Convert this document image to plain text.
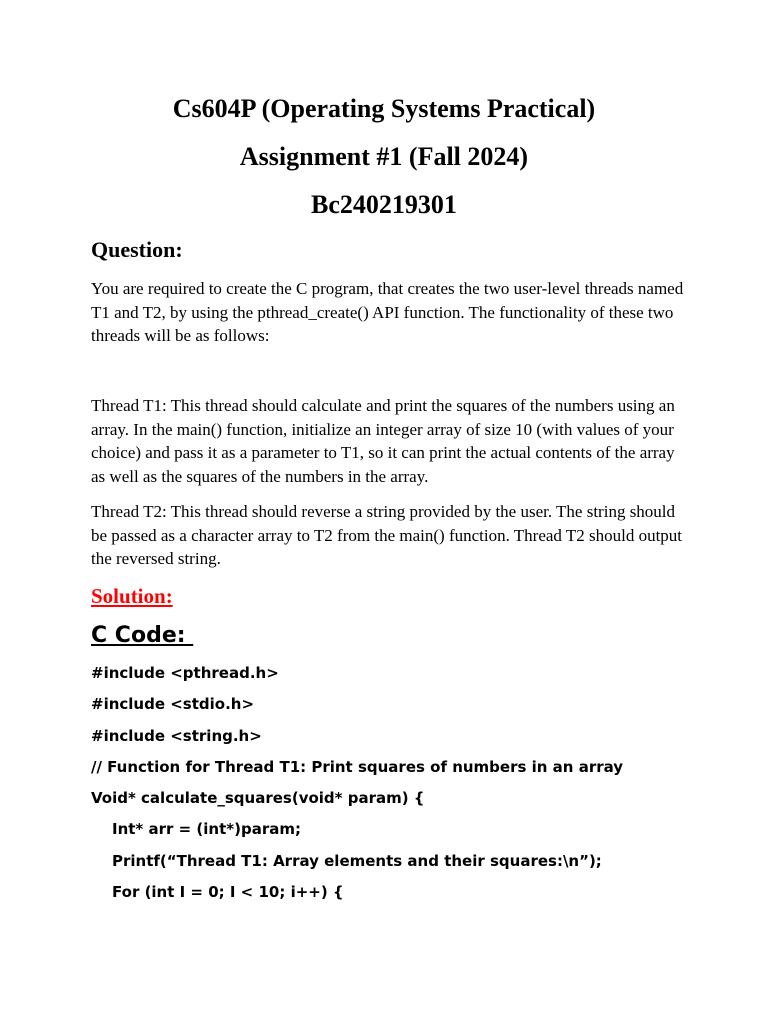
Cs604P (Operating Systems Practical)
Assignment #1 (Fall 2024)
Bc240219301
Question:

You are required to create the C program, that creates the two user-level threads named T1 and T2, by using the pthread_create() API function. The functionality of these two threads will be as follows:

Thread T1: This thread should calculate and print the squares of the numbers using an array. In the main() function, initialize an integer array of size 10 (with values of your choice) and pass it as a parameter to T1, so it can print the actual contents of the array as well as the squares of the numbers in the array.

Thread T2: This thread should reverse a string provided by the user. The string should be passed as a character array to T2 from the main() function. Thread T2 should output the reversed string.

Solution:
C Code:
#include <pthread.h>
#include <stdio.h>
#include <string.h>
// Function for Thread T1: Print squares of numbers in an array
Void* calculate_squares(void* param) {
Int* arr = (int*)param;
Printf(“Thread T1: Array elements and their squares:\n”);
For (int I = 0; I < 10; i++) {
